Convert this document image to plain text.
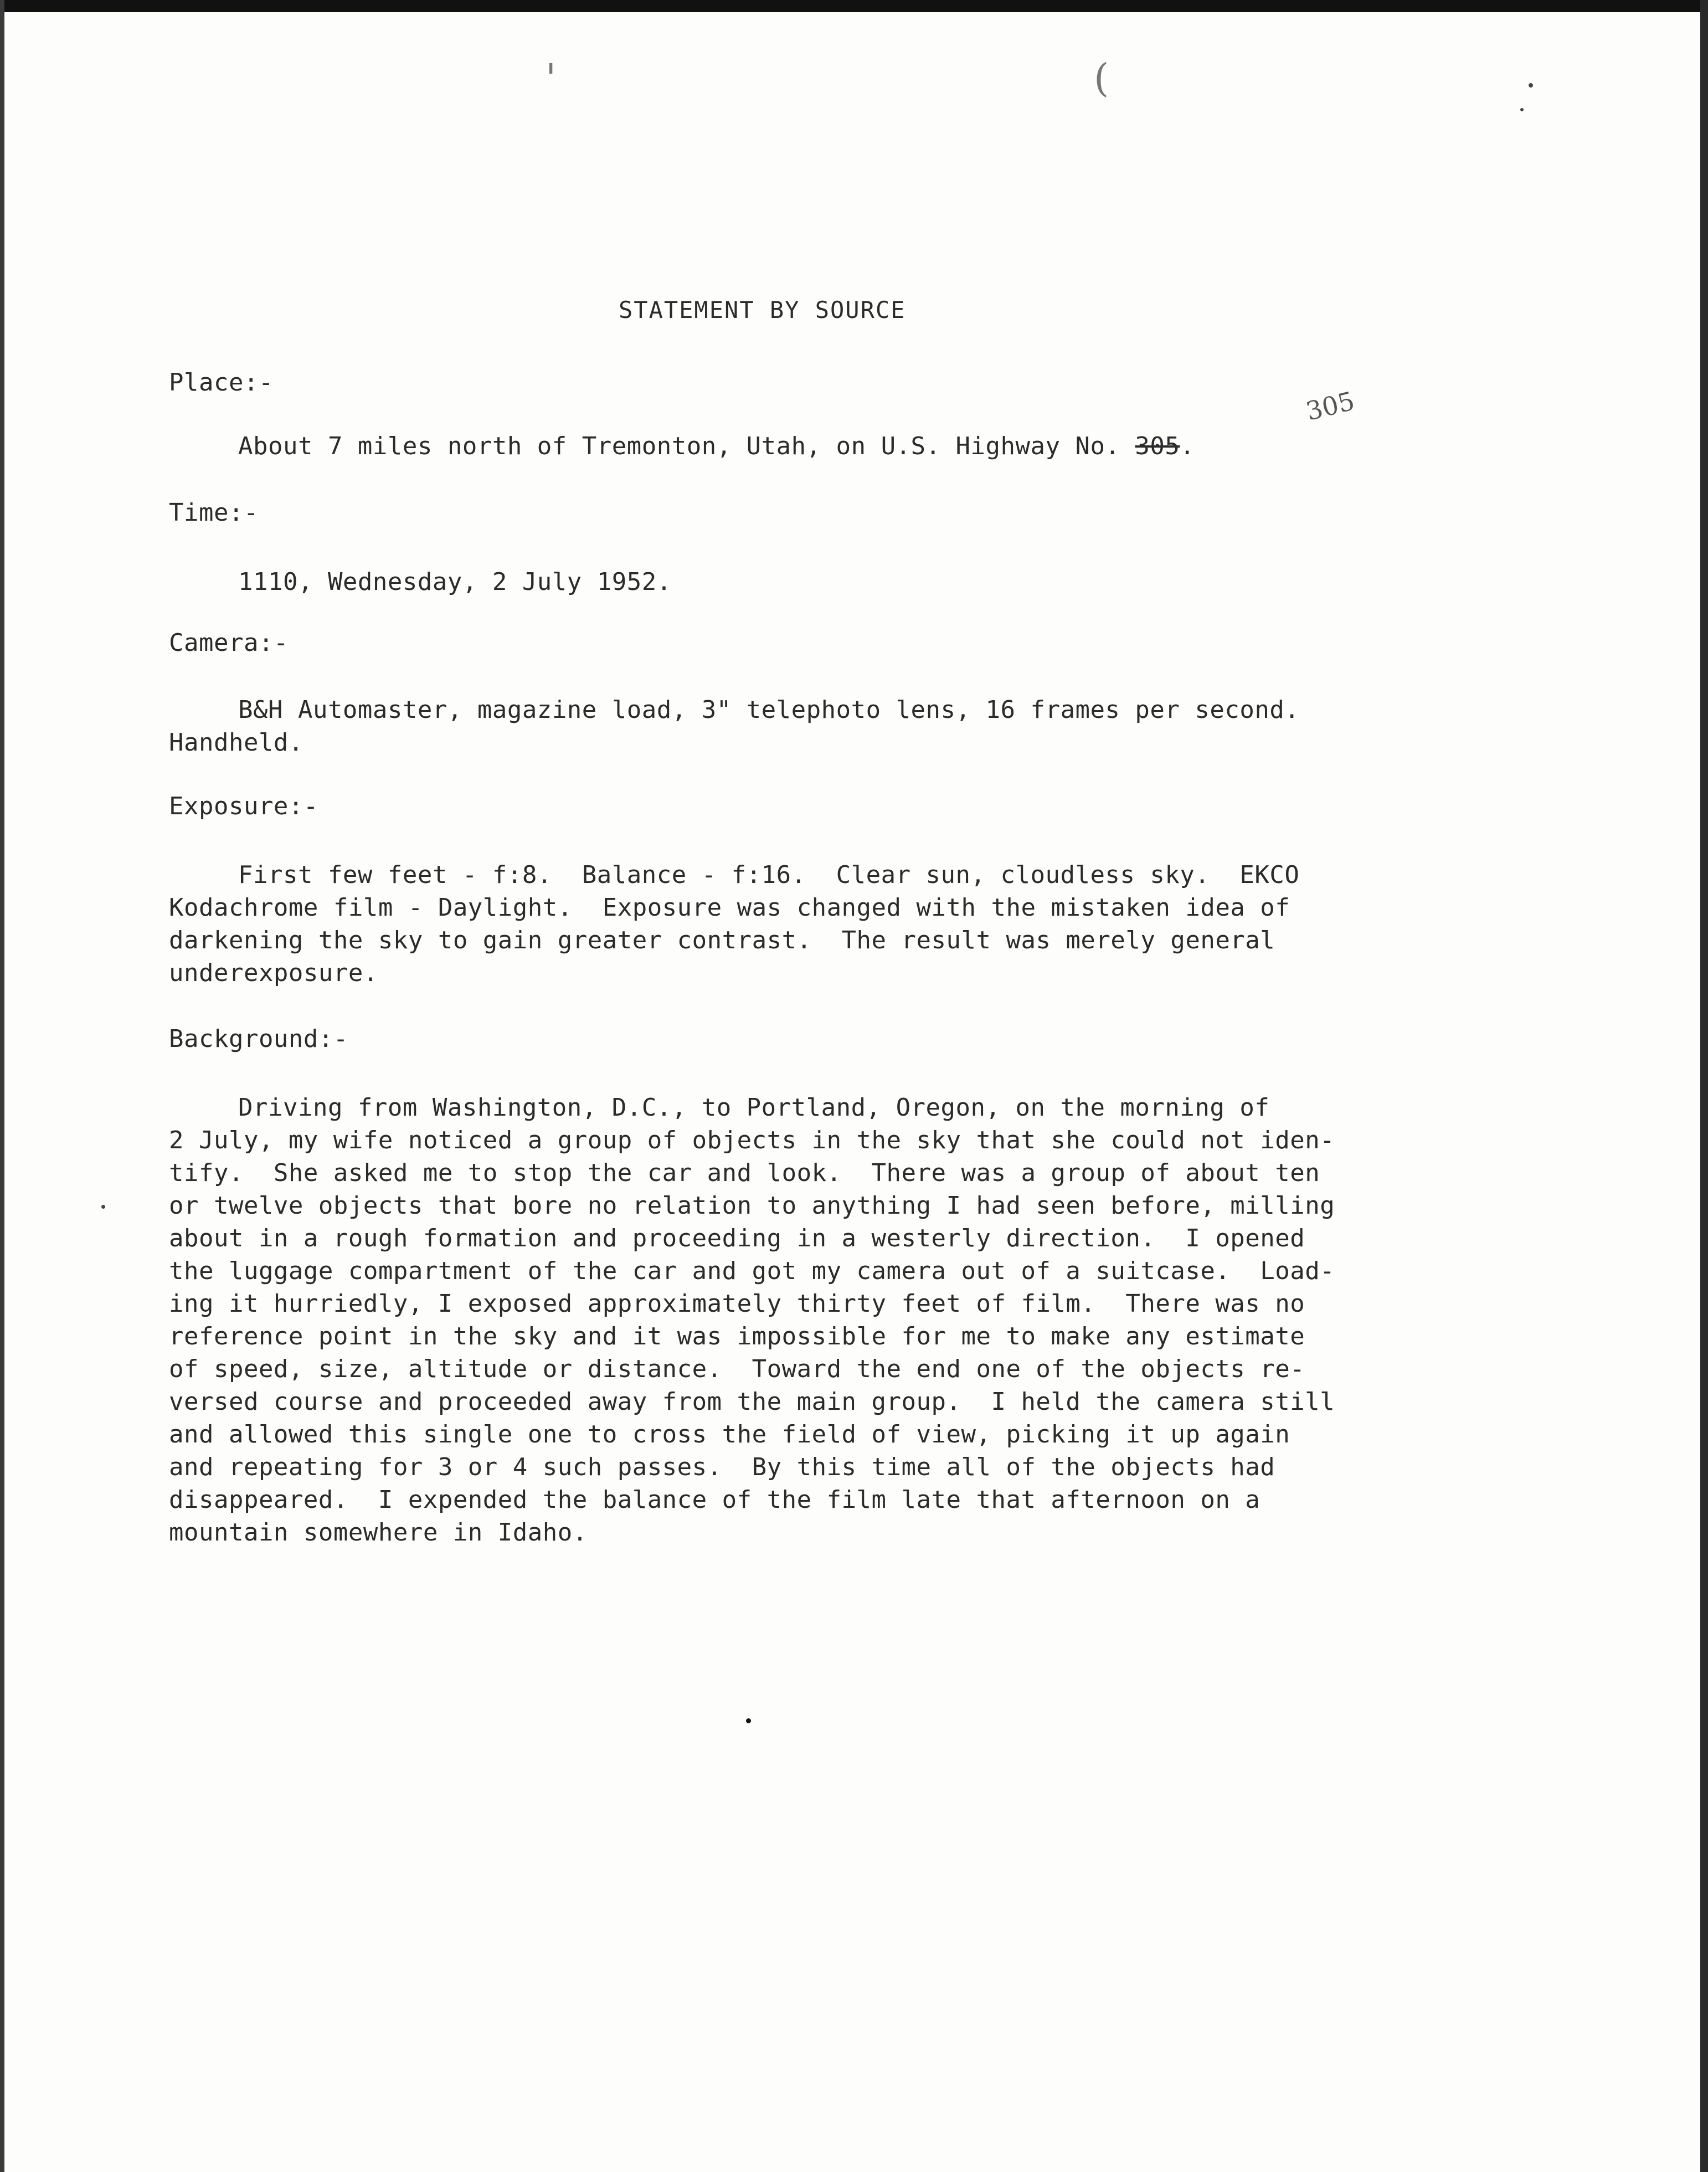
'	(
STATEMENT BY SOURCE
Place:-
About 7 miles north of Tremonton, Utah, on U.S. Highway No. 305.
305
Time:-
1110, Wednesday, 2 July 1952.
Camera:-
B&H Automaster, magazine load, 3" telephoto lens, 16 frames per second.
Handheld.
Exposure:-
First few feet - f:8.  Balance - f:16.  Clear sun, cloudless sky.  EKCO
Kodachrome film - Daylight.  Exposure was changed with the mistaken idea of
darkening the sky to gain greater contrast.  The result was merely general
underexposure.
Background:-
Driving from Washington, D.C., to Portland, Oregon, on the morning of
2 July, my wife noticed a group of objects in the sky that she could not iden-
tify.  She asked me to stop the car and look.  There was a group of about ten
or twelve objects that bore no relation to anything I had seen before, milling
about in a rough formation and proceeding in a westerly direction.  I opened
the luggage compartment of the car and got my camera out of a suitcase.  Load-
ing it hurriedly, I exposed approximately thirty feet of film.  There was no
reference point in the sky and it was impossible for me to make any estimate
of speed, size, altitude or distance.  Toward the end one of the objects re-
versed course and proceeded away from the main group.  I held the camera still
and allowed this single one to cross the field of view, picking it up again
and repeating for 3 or 4 such passes.  By this time all of the objects had
disappeared.  I expended the balance of the film late that afternoon on a
mountain somewhere in Idaho.
